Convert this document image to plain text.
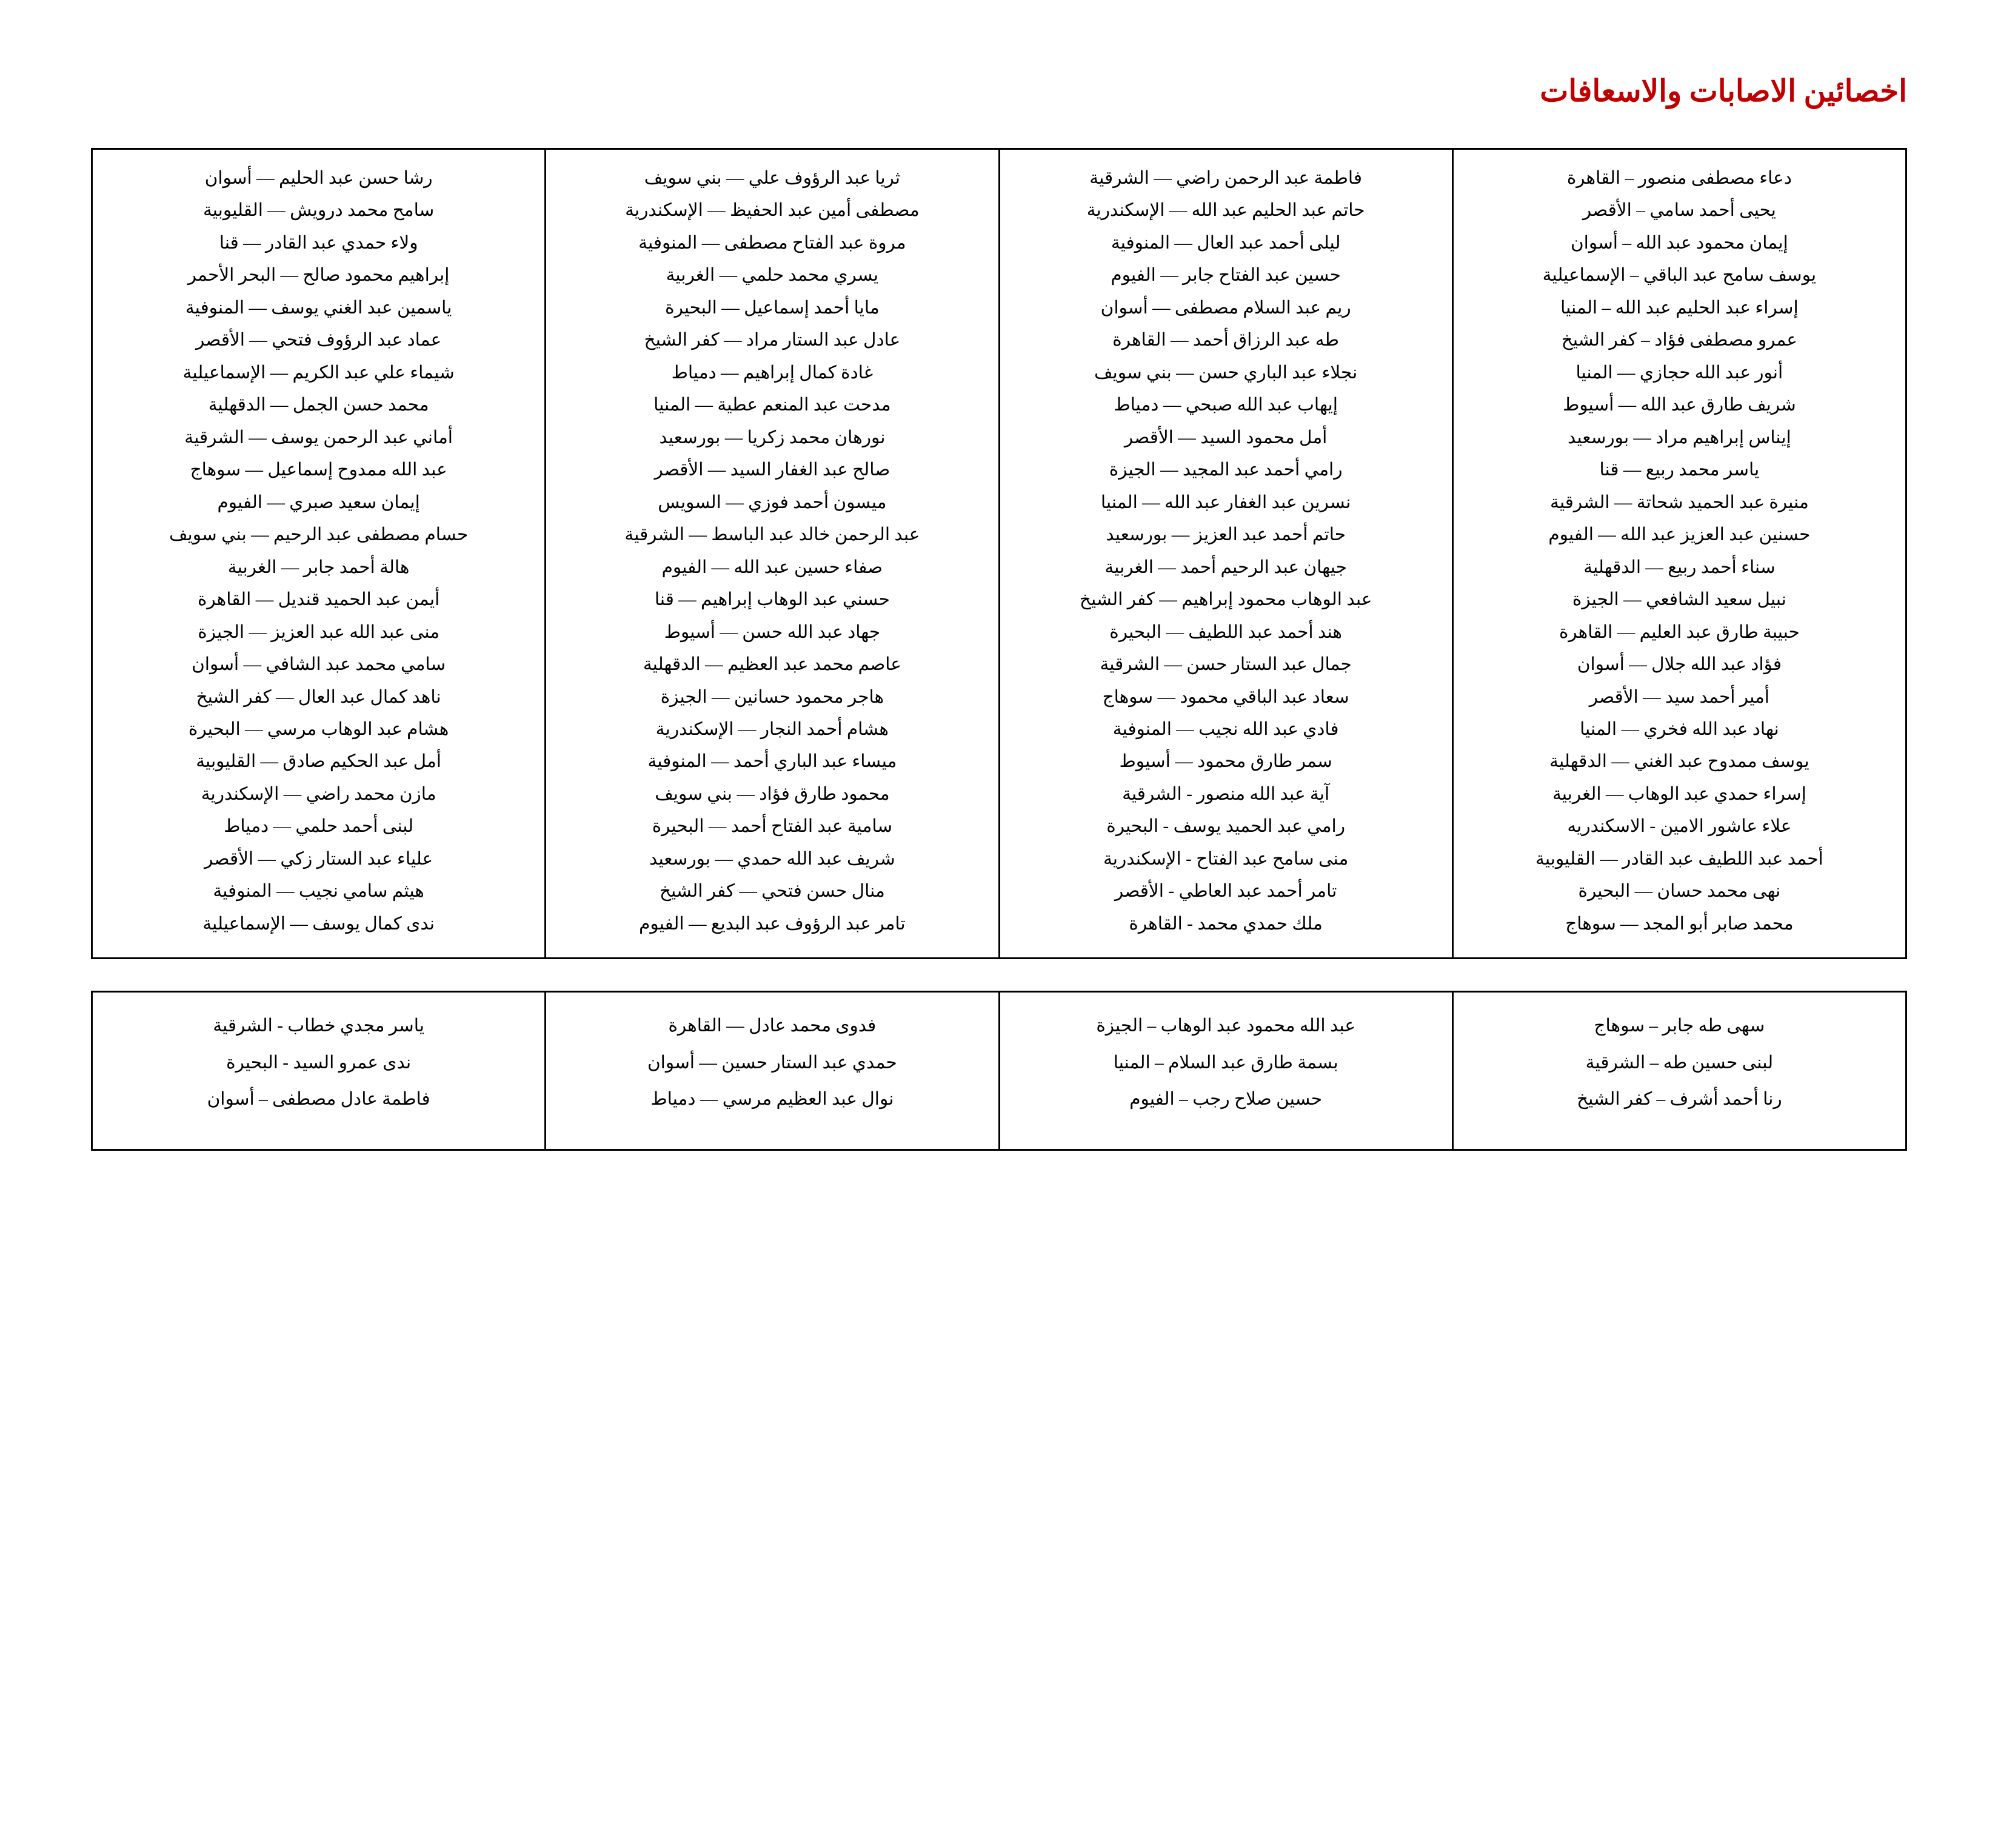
اخصائين الاصابات والاسعافات
دعاء مصطفى منصور – القاهرة
يحيى أحمد سامي – الأقصر
إيمان محمود عبد الله – أسوان
يوسف سامح عبد الباقي – الإسماعيلية
إسراء عبد الحليم عبد الله – المنيا
عمرو مصطفى فؤاد – كفر الشيخ
أنور عبد الله حجازي — المنيا
شريف طارق عبد الله — أسيوط
إيناس إبراهيم مراد — بورسعيد
ياسر محمد ربيع — قنا
منيرة عبد الحميد شحاتة — الشرقية
حسنين عبد العزيز عبد الله — الفيوم
سناء أحمد ربيع — الدقهلية
نبيل سعيد الشافعي — الجيزة
حبيبة طارق عبد العليم — القاهرة
فؤاد عبد الله جلال — أسوان
أمير أحمد سيد — الأقصر
نهاد عبد الله فخري — المنيا
يوسف ممدوح عبد الغني — الدقهلية
إسراء حمدي عبد الوهاب — الغربية
علاء عاشور الامين - الاسكندريه
أحمد عبد اللطيف عبد القادر — القليوبية
نهى محمد حسان — البحيرة
محمد صابر أبو المجد — سوهاج

فاطمة عبد الرحمن راضي — الشرقية
حاتم عبد الحليم عبد الله — الإسكندرية
ليلى أحمد عبد العال — المنوفية
حسين عبد الفتاح جابر — الفيوم
ريم عبد السلام مصطفى — أسوان
طه عبد الرزاق أحمد — القاهرة
نجلاء عبد الباري حسن — بني سويف
إيهاب عبد الله صبحي — دمياط
أمل محمود السيد — الأقصر
رامي أحمد عبد المجيد — الجيزة
نسرين عبد الغفار عبد الله — المنيا
حاتم أحمد عبد العزيز — بورسعيد
جيهان عبد الرحيم أحمد — الغربية
عبد الوهاب محمود إبراهيم — كفر الشيخ
هند أحمد عبد اللطيف — البحيرة
جمال عبد الستار حسن — الشرقية
سعاد عبد الباقي محمود — سوهاج
فادي عبد الله نجيب — المنوفية
سمر طارق محمود — أسيوط
آية عبد الله منصور - الشرقية
رامي عبد الحميد يوسف - البحيرة
منى سامح عبد الفتاح - الإسكندرية
تامر أحمد عبد العاطي - الأقصر
ملك حمدي محمد - القاهرة

ثريا عبد الرؤوف علي — بني سويف
مصطفى أمين عبد الحفيظ — الإسكندرية
مروة عبد الفتاح مصطفى — المنوفية
يسري محمد حلمي — الغربية
مايا أحمد إسماعيل — البحيرة
عادل عبد الستار مراد — كفر الشيخ
غادة كمال إبراهيم — دمياط
مدحت عبد المنعم عطية — المنيا
نورهان محمد زكريا — بورسعيد
صالح عبد الغفار السيد — الأقصر
ميسون أحمد فوزي — السويس
عبد الرحمن خالد عبد الباسط — الشرقية
صفاء حسين عبد الله — الفيوم
حسني عبد الوهاب إبراهيم — قنا
جهاد عبد الله حسن — أسيوط
عاصم محمد عبد العظيم — الدقهلية
هاجر محمود حسانين — الجيزة
هشام أحمد النجار — الإسكندرية
ميساء عبد الباري أحمد — المنوفية
محمود طارق فؤاد — بني سويف
سامية عبد الفتاح أحمد — البحيرة
شريف عبد الله حمدي — بورسعيد
منال حسن فتحي — كفر الشيخ
تامر عبد الرؤوف عبد البديع — الفيوم

رشا حسن عبد الحليم — أسوان
سامح محمد درويش — القليوبية
ولاء حمدي عبد القادر — قنا
إبراهيم محمود صالح — البحر الأحمر
ياسمين عبد الغني يوسف — المنوفية
عماد عبد الرؤوف فتحي — الأقصر
شيماء علي عبد الكريم — الإسماعيلية
محمد حسن الجمل — الدقهلية
أماني عبد الرحمن يوسف — الشرقية
عبد الله ممدوح إسماعيل — سوهاج
إيمان سعيد صبري — الفيوم
حسام مصطفى عبد الرحيم — بني سويف
هالة أحمد جابر — الغربية
أيمن عبد الحميد قنديل — القاهرة
منى عبد الله عبد العزيز — الجيزة
سامي محمد عبد الشافي — أسوان
ناهد كمال عبد العال — كفر الشيخ
هشام عبد الوهاب مرسي — البحيرة
أمل عبد الحكيم صادق — القليوبية
مازن محمد راضي — الإسكندرية
لبنى أحمد حلمي — دمياط
علياء عبد الستار زكي — الأقصر
هيثم سامي نجيب — المنوفية
ندى كمال يوسف — الإسماعيلية
سهى طه جابر – سوهاج
لبنى حسين طه – الشرقية
رنا أحمد أشرف – كفر الشيخ

عبد الله محمود عبد الوهاب – الجيزة
بسمة طارق عبد السلام – المنيا
حسين صلاح رجب – الفيوم

فدوى محمد عادل — القاهرة
حمدي عبد الستار حسين — أسوان
نوال عبد العظيم مرسي — دمياط

ياسر مجدي خطاب - الشرقية
ندى عمرو السيد - البحيرة
فاطمة عادل مصطفى – أسوان
